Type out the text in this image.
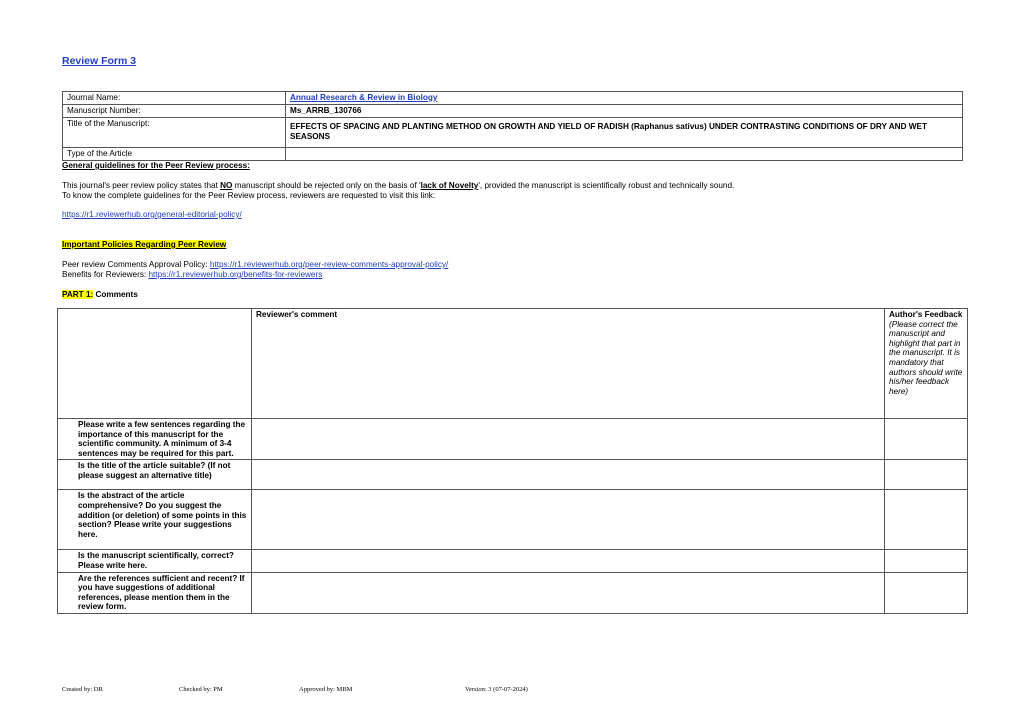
Review Form 3
Journal Name:	Annual Research & Review in Biology
Manuscript Number:	Ms_ARRB_130766
Title of the Manuscript:	EFFECTS OF SPACING AND PLANTING METHOD ON GROWTH AND YIELD OF RADISH (Raphanus sativus) UNDER CONTRASTING CONDITIONS OF DRY AND WET SEASONS
Type of the Article	
General guidelines for the Peer Review process:
This journal's peer review policy states that NO manuscript should be rejected only on the basis of 'lack of Novelty', provided the manuscript is scientifically robust and technically sound.
To know the complete guidelines for the Peer Review process, reviewers are requested to visit this link:
https://r1.reviewerhub.org/general-editorial-policy/
Important Policies Regarding Peer Review
Peer review Comments Approval Policy: https://r1.reviewerhub.org/peer-review-comments-approval-policy/
Benefits for Reviewers: https://r1.reviewerhub.org/benefits-for-reviewers
PART 1: Comments
	Reviewer's comment	Author's Feedback (Please correct the manuscript and highlight that part in the manuscript. It is mandatory that authors should write his/her feedback here)
Please write a few sentences regarding the importance of this manuscript for the scientific community. A minimum of 3-4 sentences may be required for this part.		
Is the title of the article suitable? (If not please suggest an alternative title)		
Is the abstract of the article comprehensive? Do you suggest the addition (or deletion) of some points in this section? Please write your suggestions here.		
Is the manuscript scientifically, correct? Please write here.		
Are the references sufficient and recent? If you have suggestions of additional references, please mention them in the review form.		
Created by: DR	Checked by: PM	Approved by: MBM	Version: 3 (07-07-2024)
